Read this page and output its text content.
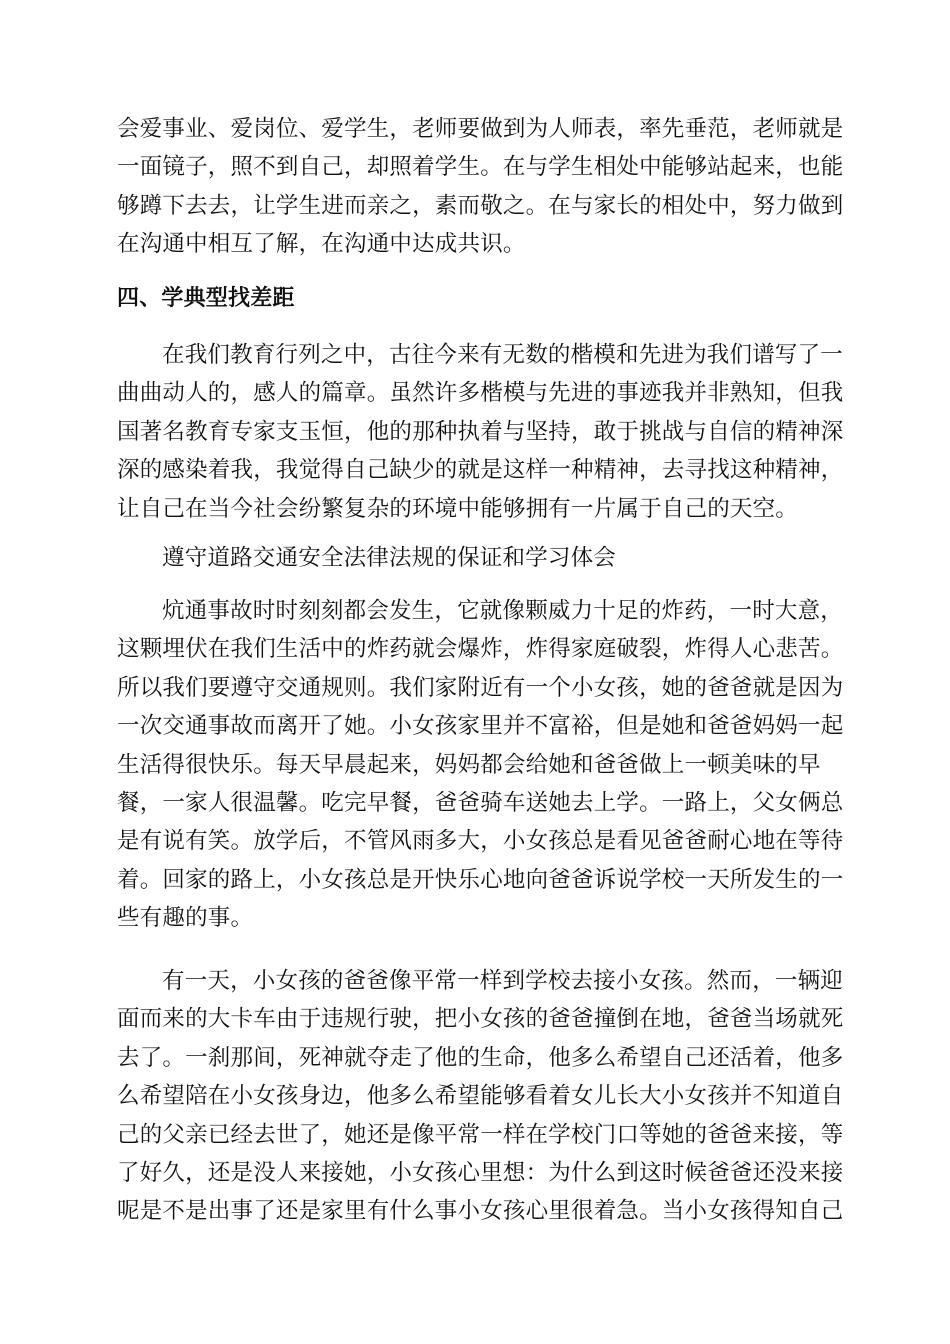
会爱事业、爱岗位、爱学生，老师要做到为人师表，率先垂范，老师就是
一面镜子，照不到自己，却照着学生。在与学生相处中能够站起来，也能
够蹲下去去，让学生进而亲之，素而敬之。在与家长的相处中，努力做到
在沟通中相互了解，在沟通中达成共识。
四、学典型找差距
在我们教育行列之中，古往今来有无数的楷模和先进为我们谱写了一
曲曲动人的，感人的篇章。虽然许多楷模与先进的事迹我并非熟知，但我
国著名教育专家支玉恒，他的那种执着与坚持，敢于挑战与自信的精神深
深的感染着我，我觉得自己缺少的就是这样一种精神，去寻找这种精神，
让自己在当今社会纷繁复杂的环境中能够拥有一片属于自己的天空。
遵守道路交通安全法律法规的保证和学习体会
炕通事故时时刻刻都会发生，它就像颗威力十足的炸药，一时大意，
这颗埋伏在我们生活中的炸药就会爆炸，炸得家庭破裂，炸得人心悲苦。
所以我们要遵守交通规则。我们家附近有一个小女孩，她的爸爸就是因为
一次交通事故而离开了她。小女孩家里并不富裕，但是她和爸爸妈妈一起
生活得很快乐。每天早晨起来，妈妈都会给她和爸爸做上一顿美味的早
餐，一家人很温馨。吃完早餐，爸爸骑车送她去上学。一路上，父女俩总
是有说有笑。放学后，不管风雨多大，小女孩总是看见爸爸耐心地在等待
着。回家的路上，小女孩总是开快乐心地向爸爸诉说学校一天所发生的一
些有趣的事。
有一天，小女孩的爸爸像平常一样到学校去接小女孩。然而，一辆迎
面而来的大卡车由于违规行驶，把小女孩的爸爸撞倒在地，爸爸当场就死
去了。一刹那间，死神就夺走了他的生命，他多么希望自己还活着，他多
么希望陪在小女孩身边，他多么希望能够看着女儿长大小女孩并不知道自
己的父亲已经去世了，她还是像平常一样在学校门口等她的爸爸来接，等
了好久，还是没人来接她，小女孩心里想：为什么到这时候爸爸还没来接
呢是不是出事了还是家里有什么事小女孩心里很着急。当小女孩得知自己
